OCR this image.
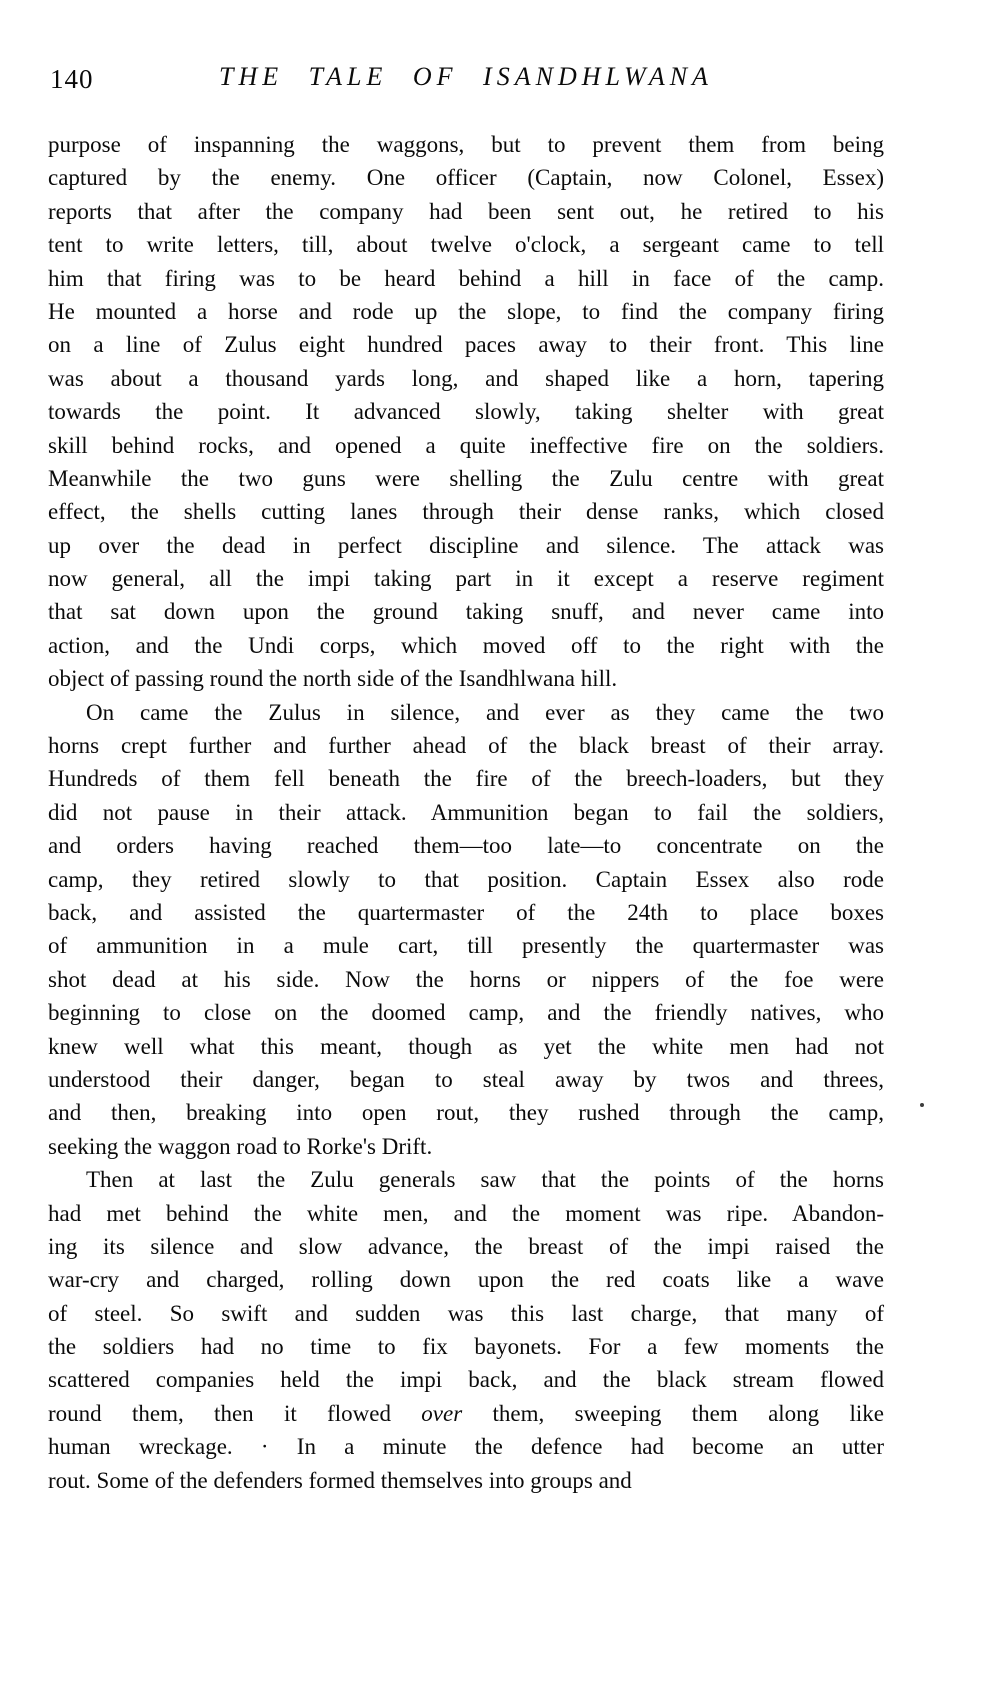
140	THE TALE OF ISANDHLWANA
purpose of inspanning the waggons, but to prevent them from being
captured by the enemy. One officer (Captain, now Colonel, Essex)
reports that after the company had been sent out, he retired to his
tent to write letters, till, about twelve o'clock, a sergeant came to tell
him that firing was to be heard behind a hill in face of the camp.
He mounted a horse and rode up the slope, to find the company firing
on a line of Zulus eight hundred paces away to their front. This line
was about a thousand yards long, and shaped like a horn, tapering
towards the point. It advanced slowly, taking shelter with great
skill behind rocks, and opened a quite ineffective fire on the soldiers.
Meanwhile the two guns were shelling the Zulu centre with great
effect, the shells cutting lanes through their dense ranks, which closed
up over the dead in perfect discipline and silence. The attack was
now general, all the impi taking part in it except a reserve regiment
that sat down upon the ground taking snuff, and never came into
action, and the Undi corps, which moved off to the right with the
object of passing round the north side of the Isandhlwana hill.
On came the Zulus in silence, and ever as they came the two
horns crept further and further ahead of the black breast of their array.
Hundreds of them fell beneath the fire of the breech-loaders, but they
did not pause in their attack. Ammunition began to fail the soldiers,
and orders having reached them—too late—to concentrate on the
camp, they retired slowly to that position. Captain Essex also rode
back, and assisted the quartermaster of the 24th to place boxes
of ammunition in a mule cart, till presently the quartermaster was
shot dead at his side. Now the horns or nippers of the foe were
beginning to close on the doomed camp, and the friendly natives, who
knew well what this meant, though as yet the white men had not
understood their danger, began to steal away by twos and threes,
and then, breaking into open rout, they rushed through the camp,
seeking the waggon road to Rorke's Drift.
Then at last the Zulu generals saw that the points of the horns
had met behind the white men, and the moment was ripe. Abandon-
ing its silence and slow advance, the breast of the impi raised the
war-cry and charged, rolling down upon the red coats like a wave
of steel. So swift and sudden was this last charge, that many of
the soldiers had no time to fix bayonets. For a few moments the
scattered companies held the impi back, and the black stream flowed
round them, then it flowed over them, sweeping them along like
human wreckage. · In a minute the defence had become an utter
rout. Some of the defenders formed themselves into groups and
